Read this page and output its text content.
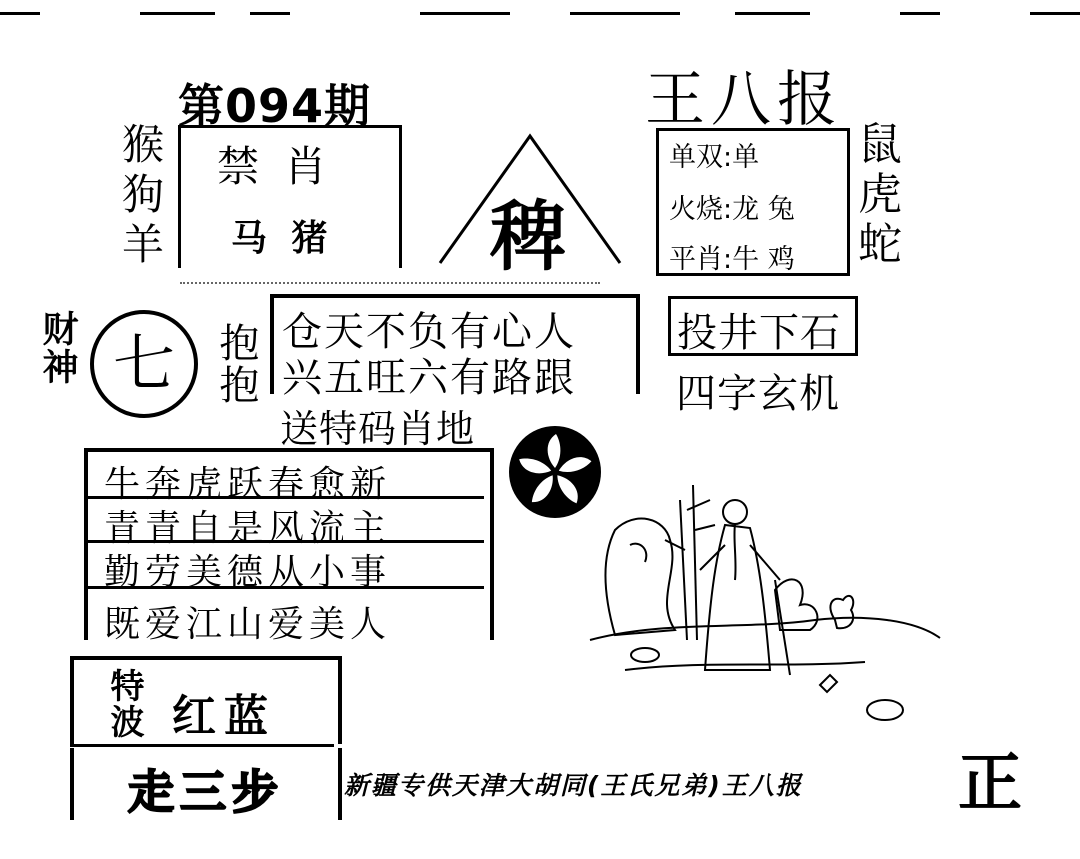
第094期	王八报
猴
狗
羊
禁 肖
马 猪 稗
单双:单
火烧:龙 兔
平肖:牛 鸡
鼠
虎
蛇
财神 七 抱抱 仓天不负有心人
兴五旺六有路跟
投井下石
四字玄机
送特码肖地
牛奔虎跃春愈新
青青自是风流主
勤劳美德从小事
既爱江山爱美人
特波 红蓝
走三步 新疆专供天津大胡同(王氏兄弟)王八报 正
